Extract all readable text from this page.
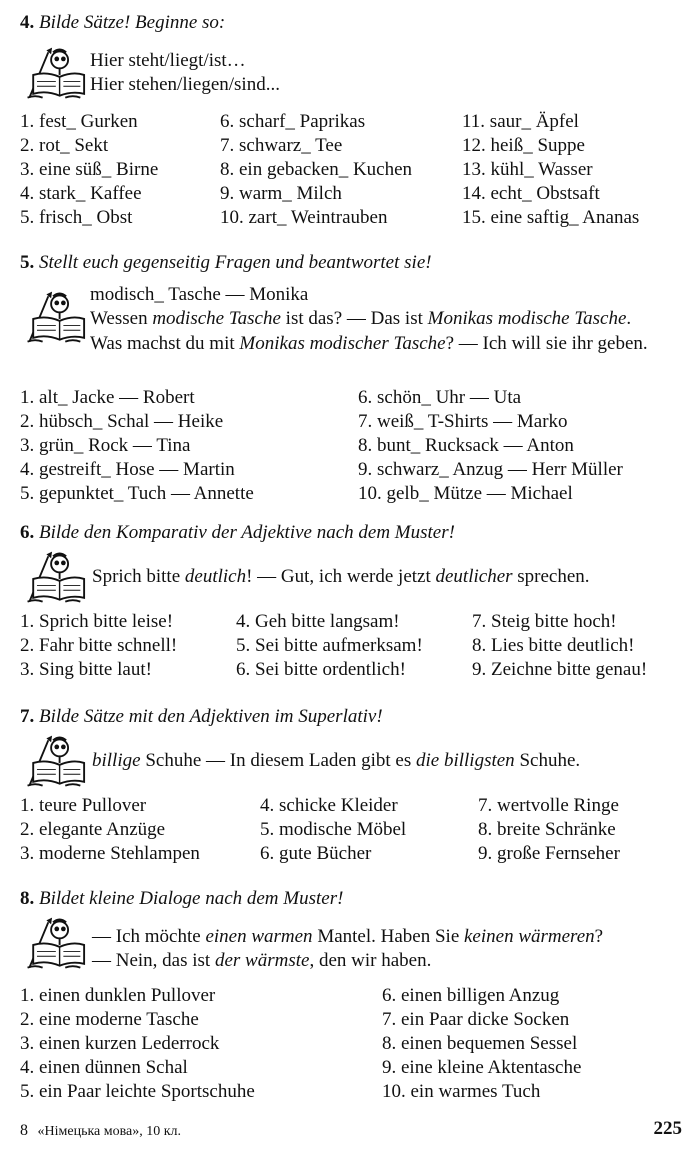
4. Bilde Sätze! Beginne so:
Hier steht/liegt/ist…
Hier stehen/liegen/sind...
1. fest_ Gurken
2. rot_ Sekt
3. eine süß_ Birne
4. stark_ Kaffee
5. frisch_ Obst
6. scharf_ Paprikas
7. schwarz_ Tee
8. ein gebacken_ Kuchen
9. warm_ Milch
10. zart_ Weintrauben
11. saur_ Äpfel
12. heiß_ Suppe
13. kühl_ Wasser
14. echt_ Obstsaft
15. eine saftig_ Ananas
5. Stellt euch gegenseitig Fragen und beantwortet sie!
modisch_ Tasche — Monika
Wessen modische Tasche ist das? — Das ist Monikas modische Tasche.
Was machst du mit Monikas modischer Tasche? — Ich will sie ihr geben.
1. alt_ Jacke — Robert
2. hübsch_ Schal — Heike
3. grün_ Rock — Tina
4. gestreift_ Hose — Martin
5. gepunktet_ Tuch — Annette
6. schön_ Uhr — Uta
7. weiß_ T-Shirts — Marko
8. bunt_ Rucksack — Anton
9. schwarz_ Anzug — Herr Müller
10. gelb_ Mütze — Michael
6. Bilde den Komparativ der Adjektive nach dem Muster!
Sprich bitte deutlich! — Gut, ich werde jetzt deutlicher sprechen.
1. Sprich bitte leise!
2. Fahr bitte schnell!
3. Sing bitte laut!
4. Geh bitte langsam!
5. Sei bitte aufmerksam!
6. Sei bitte ordentlich!
7. Steig bitte hoch!
8. Lies bitte deutlich!
9. Zeichne bitte genau!
7. Bilde Sätze mit den Adjektiven im Superlativ!
billige Schuhe — In diesem Laden gibt es die billigsten Schuhe.
1. teure Pullover
2. elegante Anzüge
3. moderne Stehlampen
4. schicke Kleider
5. modische Möbel
6. gute Bücher
7. wertvolle Ringe
8. breite Schränke
9. große Fernseher
8. Bildet kleine Dialoge nach dem Muster!
— Ich möchte einen warmen Mantel. Haben Sie keinen wärmeren?
— Nein, das ist der wärmste, den wir haben.
1. einen dunklen Pullover
2. eine moderne Tasche
3. einen kurzen Lederrock
4. einen dünnen Schal
5. ein Paar leichte Sportschuhe
6. einen billigen Anzug
7. ein Paar dicke Socken
8. einen bequemen Sessel
9. eine kleine Aktentasche
10. ein warmes Tuch
8 «Німецька мова», 10 кл.	225
